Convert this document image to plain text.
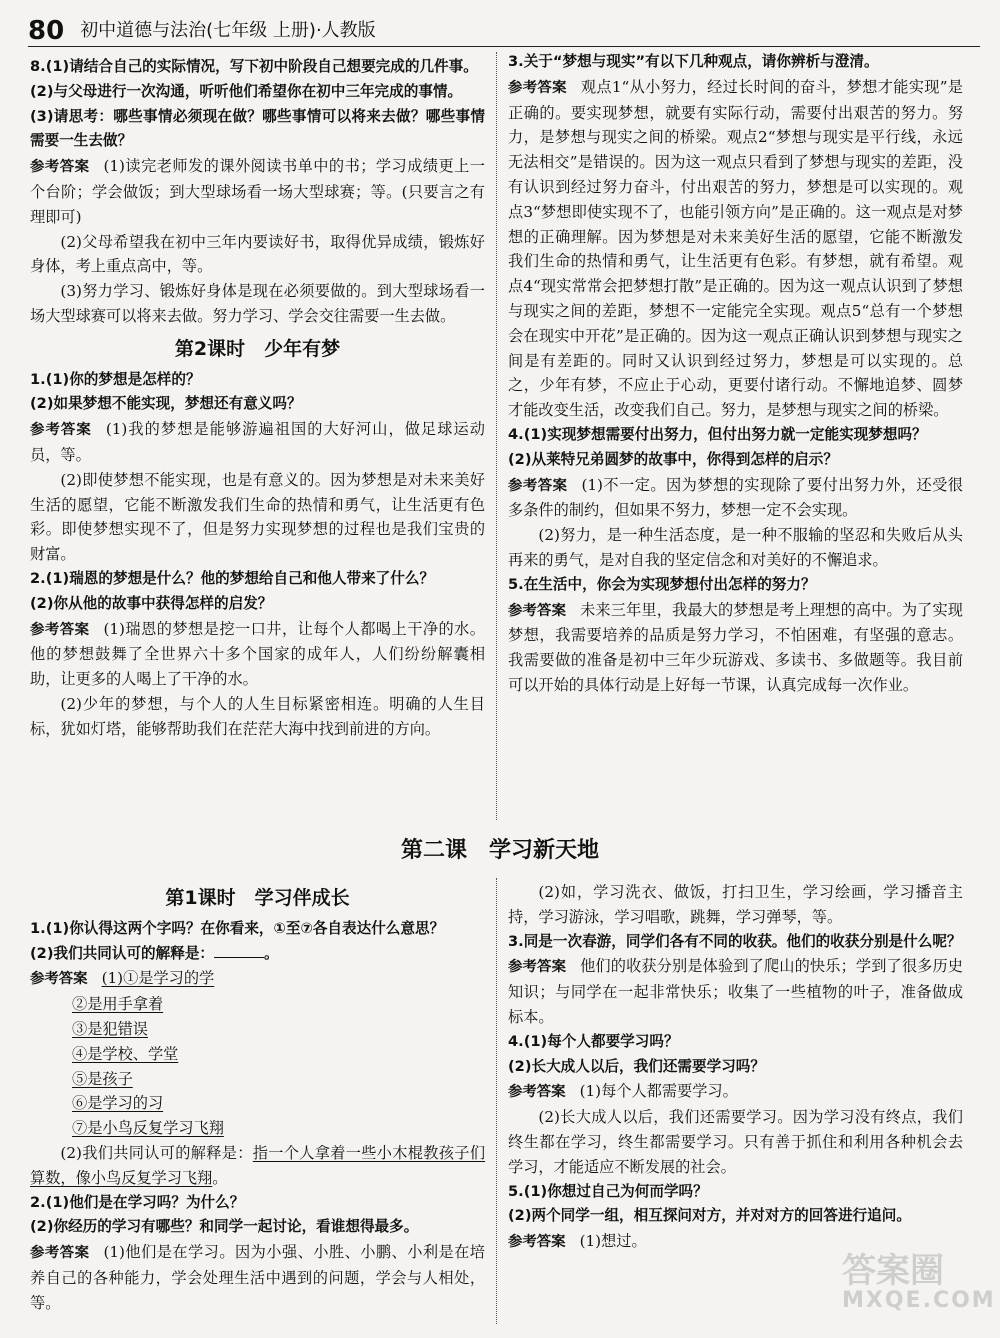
80 初中道德与法治(七年级 上册)·人教版

8.(1)请结合自己的实际情况，写下初中阶段自己想要完成的几件事。

(2)与父母进行一次沟通，听听他们希望你在初中三年完成的事情。

(3)请思考：哪些事情必须现在做？哪些事情可以将来去做？哪些事情需要一生去做？

参考答案 (1)读完老师发的课外阅读书单中的书；学习成绩更上一个台阶；学会做饭；到大型球场看一场大型球赛；等。(只要言之有理即可)

(2)父母希望我在初中三年内要读好书，取得优异成绩，锻炼好身体，考上重点高中，等。

(3)努力学习、锻炼好身体是现在必须要做的。到大型球场看一场大型球赛可以将来去做。努力学习、学会交往需要一生去做。

第2课时　少年有梦

1.(1)你的梦想是怎样的？

(2)如果梦想不能实现，梦想还有意义吗？

参考答案 (1)我的梦想是能够游遍祖国的大好河山，做足球运动员，等。

(2)即使梦想不能实现，也是有意义的。因为梦想是对未来美好生活的愿望，它能不断激发我们生命的热情和勇气，让生活更有色彩。即使梦想实现不了，但是努力实现梦想的过程也是我们宝贵的财富。

2.(1)瑞恩的梦想是什么？他的梦想给自己和他人带来了什么？

(2)你从他的故事中获得怎样的启发？

参考答案 (1)瑞恩的梦想是挖一口井，让每个人都喝上干净的水。他的梦想鼓舞了全世界六十多个国家的成年人，人们纷纷解囊相助，让更多的人喝上了干净的水。

(2)少年的梦想，与个人的人生目标紧密相连。明确的人生目标，犹如灯塔，能够帮助我们在茫茫大海中找到前进的方向。

3.关于“梦想与现实”有以下几种观点，请你辨析与澄清。

参考答案 观点1“从小努力，经过长时间的奋斗，梦想才能实现”是正确的。要实现梦想，就要有实际行动，需要付出艰苦的努力。努力，是梦想与现实之间的桥梁。观点2“梦想与现实是平行线，永远无法相交”是错误的。因为这一观点只看到了梦想与现实的差距，没有认识到经过努力奋斗，付出艰苦的努力，梦想是可以实现的。观点3“梦想即使实现不了，也能引领方向”是正确的。这一观点是对梦想的正确理解。因为梦想是对未来美好生活的愿望，它能不断激发我们生命的热情和勇气，让生活更有色彩。有梦想，就有希望。观点4“现实常常会把梦想打散”是正确的。因为这一观点认识到了梦想与现实之间的差距，梦想不一定能完全实现。观点5“总有一个梦想会在现实中开花”是正确的。因为这一观点正确认识到梦想与现实之间是有差距的。同时又认识到经过努力，梦想是可以实现的。总之，少年有梦，不应止于心动，更要付诸行动。不懈地追梦、圆梦才能改变生活，改变我们自己。努力，是梦想与现实之间的桥梁。

4.(1)实现梦想需要付出努力，但付出努力就一定能实现梦想吗？

(2)从莱特兄弟圆梦的故事中，你得到怎样的启示？

参考答案 (1)不一定。因为梦想的实现除了要付出努力外，还受很多条件的制约，但如果不努力，梦想一定不会实现。

(2)努力，是一种生活态度，是一种不服输的坚忍和失败后从头再来的勇气，是对自我的坚定信念和对美好的不懈追求。

5.在生活中，你会为实现梦想付出怎样的努力？

参考答案 未来三年里，我最大的梦想是考上理想的高中。为了实现梦想，我需要培养的品质是努力学习，不怕困难，有坚强的意志。我需要做的准备是初中三年少玩游戏、多读书、多做题等。我目前可以开始的具体行动是上好每一节课，认真完成每一次作业。

第二课　学习新天地
第1课时　学习伴成长

1.(1)你认得这两个字吗？在你看来，①至⑦各自表达什么意思？

(2)我们共同认可的解释是：	。

参考答案 (1)①是学习的学

②是用手拿着

③是犯错误

④是学校、学堂

⑤是孩子

⑥是学习的习

⑦是小鸟反复学习飞翔

(2)我们共同认可的解释是：指一个人拿着一些小木棍教孩子们算数，像小鸟反复学习飞翔。

2.(1)他们是在学习吗？为什么？

(2)你经历的学习有哪些？和同学一起讨论，看谁想得最多。

参考答案 (1)他们是在学习。因为小强、小胜、小鹏、小利是在培养自己的各种能力，学会处理生活中遇到的问题，学会与人相处，等。

(2)如，学习洗衣、做饭，打扫卫生，学习绘画，学习播音主持，学习游泳，学习唱歌，跳舞，学习弹琴，等。

3.同是一次春游，同学们各有不同的收获。他们的收获分别是什么呢？

参考答案 他们的收获分别是体验到了爬山的快乐；学到了很多历史知识；与同学在一起非常快乐；收集了一些植物的叶子，准备做成标本。

4.(1)每个人都要学习吗？

(2)长大成人以后，我们还需要学习吗？

参考答案 (1)每个人都需要学习。

(2)长大成人以后，我们还需要学习。因为学习没有终点，我们终生都在学习，终生都需要学习。只有善于抓住和利用各种机会去学习，才能适应不断发展的社会。

5.(1)你想过自己为何而学吗？

(2)两个同学一组，相互探问对方，并对对方的回答进行追问。

参考答案 (1)想过。

答案圈
MXQE.COM
